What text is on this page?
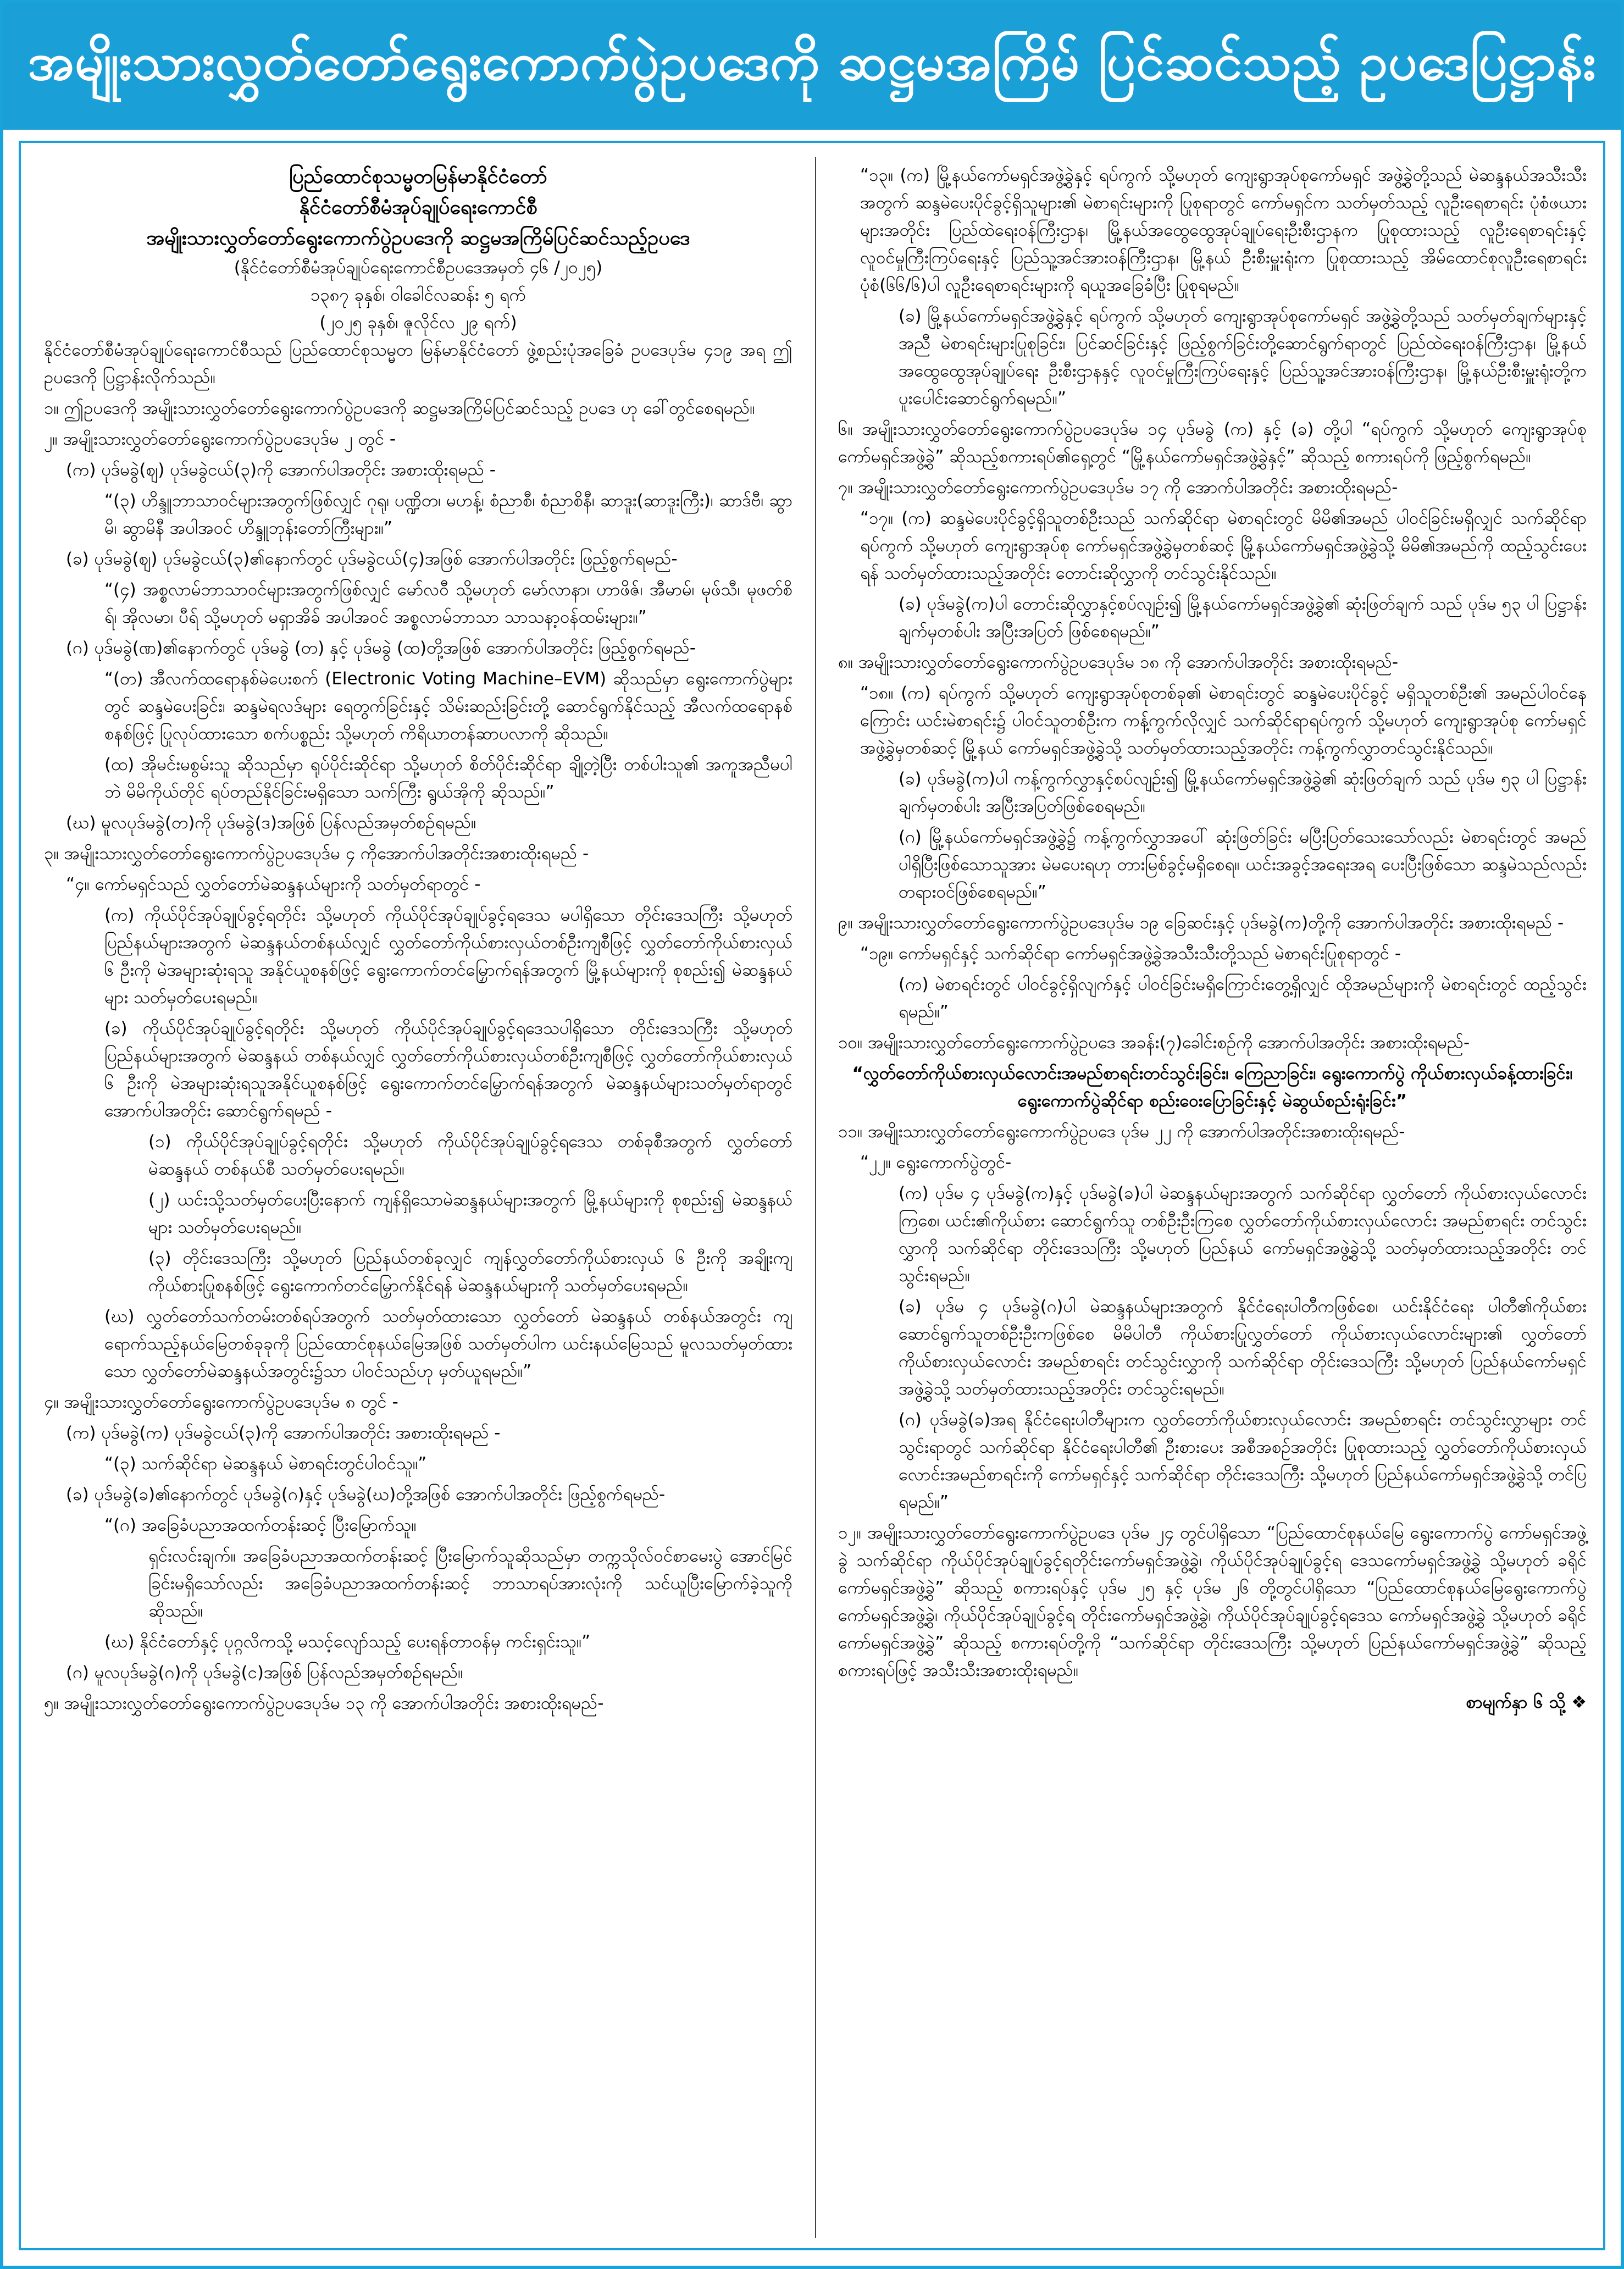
အမျိုးသားလွှတ်တော်ရွေးကောက်ပွဲဥပဒေကို ဆဋ္ဌမအကြိမ် ပြင်ဆင်သည့် ဥပဒေပြဋ္ဌာန်း
ပြည်ထောင်စုသမ္မတမြန်မာနိုင်ငံတော်
နိုင်ငံတော်စီမံအုပ်ချုပ်ရေးကောင်စီ
အမျိုးသားလွှတ်တော်ရွေးကောက်ပွဲဥပဒေကို ဆဋ္ဌမအကြိမ်ပြင်ဆင်သည့်ဥပဒေ
(နိုင်ငံတော်စီမံအုပ်ချုပ်ရေးကောင်စီဥပဒေအမှတ် ၄၆ /၂၀၂၅)
၁၃၈၇ ခုနှစ်၊ ဝါခေါင်လဆန်း ၅ ရက်
(၂၀၂၅ ခုနှစ်၊ ဇူလိုင်လ ၂၉ ရက်)

နိုင်ငံတော်စီမံအုပ်ချုပ်ရေးကောင်စီသည် ပြည်ထောင်စုသမ္မတ မြန်မာနိုင်ငံတော် ဖွဲ့စည်းပုံအခြေခံ ဥပဒေပုဒ်မ ၄၁၉ အရ ဤဥပဒေကို ပြဋ္ဌာန်းလိုက်သည်။

၁။ ဤဥပဒေကို အမျိုးသားလွှတ်တော်ရွေးကောက်ပွဲဥပဒေကို ဆဋ္ဌမအကြိမ်ပြင်ဆင်သည့် ဥပဒေ ဟု ခေါ်တွင်စေရမည်။

၂။ အမျိုးသားလွှတ်တော်ရွေးကောက်ပွဲဥပဒေပုဒ်မ ၂ တွင် -

(က) ပုဒ်မခွဲ(ဈ) ပုဒ်မခွဲငယ်(၃)ကို အောက်ပါအတိုင်း အစားထိုးရမည် -

“(၃) ဟိန္ဒူဘာသာဝင်များအတွက်ဖြစ်လျှင် ဂုရု၊ ပဏ္ဍိတ၊ မဟန့်၊ စံညာစီ၊ စံညာစိနီ၊ ဆာဒူး(ဆာဒူးကြီး)၊ ဆာဒ်ဗီ၊ ဆွာမိ၊ ဆွာမိနီ အပါအဝင် ဟိန္ဒူဘုန်းတော်ကြီးများ။”

(ခ) ပုဒ်မခွဲ(ဈ) ပုဒ်မခွဲငယ်(၃)၏နောက်တွင် ပုဒ်မခွဲငယ်(၄)အဖြစ် အောက်ပါအတိုင်း ဖြည့်စွက်ရမည်-

“(၄) အစ္စလာမ်ဘာသာဝင်များအတွက်ဖြစ်လျှင် မော်လဝီ သို့မဟုတ် မော်လာနာ၊ ဟာဖိဇ်၊ အီမာမ်၊ မုဖ်သီ၊ မုဖတ်စိရ်၊ အိုလမာ၊ ပီရ် သို့မဟုတ် မရှာအိခ် အပါအဝင် အစ္စလာမ်ဘာသာ သာသနာ့ဝန်ထမ်းများ။”

(ဂ) ပုဒ်မခွဲ(ဏ)၏နောက်တွင် ပုဒ်မခွဲ (တ) နှင့် ပုဒ်မခွဲ (ထ)တို့အဖြစ် အောက်ပါအတိုင်း ဖြည့်စွက်ရမည်-

“(တ) အီလက်ထရောနစ်မဲပေးစက် (Electronic Voting Machine–EVM) ဆိုသည်မှာ ရွေးကောက်ပွဲများတွင် ဆန္ဒမဲပေးခြင်း၊ ဆန္ဒမဲရလဒ်များ ရေတွက်ခြင်းနှင့် သိမ်းဆည်းခြင်းတို့ ဆောင်ရွက်နိုင်သည့် အီလက်ထရောနစ်စနစ်ဖြင့် ပြုလုပ်ထားသော စက်ပစ္စည်း သို့မဟုတ် ကိရိယာတန်ဆာပလာကို ဆိုသည်။

(ထ) အိုမင်းမစွမ်းသူ ဆိုသည်မှာ ရုပ်ပိုင်းဆိုင်ရာ သို့မဟုတ် စိတ်ပိုင်းဆိုင်ရာ ချို့တဲ့ပြီး တစ်ပါးသူ၏ အကူအညီမပါဘဲ မိမိကိုယ်တိုင် ရပ်တည်နိုင်ခြင်းမရှိသော သက်ကြီး ရွယ်အိုကို ဆိုသည်။”

(ဃ) မူလပုဒ်မခွဲ(တ)ကို ပုဒ်မခွဲ(ဒ)အဖြစ် ပြန်လည်အမှတ်စဉ်ရမည်။

၃။ အမျိုးသားလွှတ်တော်ရွေးကောက်ပွဲဥပဒေပုဒ်မ ၄ ကိုအောက်ပါအတိုင်းအစားထိုးရမည် -

“၄။ ကော်မရှင်သည် လွှတ်တော်မဲဆန္ဒနယ်များကို သတ်မှတ်ရာတွင် -

(က) ကိုယ်ပိုင်အုပ်ချုပ်ခွင့်ရတိုင်း သို့မဟုတ် ကိုယ်ပိုင်အုပ်ချုပ်ခွင့်ရဒေသ မပါရှိသော တိုင်းဒေသကြီး သို့မဟုတ် ပြည်နယ်များအတွက် မဲဆန္ဒနယ်တစ်နယ်လျှင် လွှတ်တော်ကိုယ်စားလှယ်တစ်ဦးကျစီဖြင့် လွှတ်တော်ကိုယ်စားလှယ် ၆ ဦးကို မဲအများဆုံးရသူ အနိုင်ယူစနစ်ဖြင့် ရွေးကောက်တင်မြှောက်ရန်အတွက် မြို့နယ်များကို စုစည်း၍ မဲဆန္ဒနယ်များ သတ်မှတ်ပေးရမည်။

(ခ) ကိုယ်ပိုင်အုပ်ချုပ်ခွင့်ရတိုင်း သို့မဟုတ် ကိုယ်ပိုင်အုပ်ချုပ်ခွင့်ရဒေသပါရှိသော တိုင်းဒေသကြီး သို့မဟုတ် ပြည်နယ်များအတွက် မဲဆန္ဒနယ် တစ်နယ်လျှင် လွှတ်တော်ကိုယ်စားလှယ်တစ်ဦးကျစီဖြင့် လွှတ်တော်ကိုယ်စားလှယ် ၆ ဦးကို မဲအများဆုံးရသူအနိုင်ယူစနစ်ဖြင့် ရွေးကောက်တင်မြှောက်ရန်အတွက် မဲဆန္ဒနယ်များသတ်မှတ်ရာတွင် အောက်ပါအတိုင်း ဆောင်ရွက်ရမည် -

(၁) ကိုယ်ပိုင်အုပ်ချုပ်ခွင့်ရတိုင်း သို့မဟုတ် ကိုယ်ပိုင်အုပ်ချုပ်ခွင့်ရဒေသ တစ်ခုစီအတွက် လွှတ်တော်မဲဆန္ဒနယ် တစ်နယ်စီ သတ်မှတ်ပေးရမည်။

(၂) ယင်းသို့သတ်မှတ်ပေးပြီးနောက် ကျန်ရှိသောမဲဆန္ဒနယ်များအတွက် မြို့နယ်များကို စုစည်း၍ မဲဆန္ဒနယ်များ သတ်မှတ်ပေးရမည်။

(၃) တိုင်းဒေသကြီး သို့မဟုတ် ပြည်နယ်တစ်ခုလျှင် ကျန်လွှတ်တော်ကိုယ်စားလှယ် ၆ ဦးကို အချိုးကျကိုယ်စားပြုစနစ်ဖြင့် ရွေးကောက်တင်မြှောက်နိုင်ရန် မဲဆန္ဒနယ်များကို သတ်မှတ်ပေးရမည်။

(ဃ) လွှတ်တော်သက်တမ်းတစ်ရပ်အတွက် သတ်မှတ်ထားသော လွှတ်တော် မဲဆန္ဒနယ် တစ်နယ်အတွင်း ကျရောက်သည့်နယ်မြေတစ်ခုခုကို ပြည်ထောင်စုနယ်မြေအဖြစ် သတ်မှတ်ပါက ယင်းနယ်မြေသည် မူလသတ်မှတ်ထားသော လွှတ်တော်မဲဆန္ဒနယ်အတွင်း၌သာ ပါဝင်သည်ဟု မှတ်ယူရမည်။”

၄။ အမျိုးသားလွှတ်တော်ရွေးကောက်ပွဲဥပဒေပုဒ်မ ၈ တွင် -

(က) ပုဒ်မခွဲ(က) ပုဒ်မခွဲငယ်(၃)ကို အောက်ပါအတိုင်း အစားထိုးရမည် -

“(၃) သက်ဆိုင်ရာ မဲဆန္ဒနယ် မဲစာရင်းတွင်ပါဝင်သူ။”

(ခ) ပုဒ်မခွဲ(ခ)၏နောက်တွင် ပုဒ်မခွဲ(ဂ)နှင့် ပုဒ်မခွဲ(ဃ)တို့အဖြစ် အောက်ပါအတိုင်း ဖြည့်စွက်ရမည်-

“(ဂ) အခြေခံပညာအထက်တန်းဆင့် ပြီးမြောက်သူ။

ရှင်းလင်းချက်။ အခြေခံပညာအထက်တန်းဆင့် ပြီးမြောက်သူဆိုသည်မှာ တက္ကသိုလ်ဝင်စာမေးပွဲ အောင်မြင်ခြင်းမရှိသော်လည်း အခြေခံပညာအထက်တန်းဆင့် ဘာသာရပ်အားလုံးကို သင်ယူပြီးမြောက်ခဲ့သူကို ဆိုသည်။

(ဃ) နိုင်ငံတော်နှင့် ပုဂ္ဂလိကသို့ မသင့်လျော်သည့် ပေးရန်တာဝန်မှ ကင်းရှင်းသူ။”

(ဂ) မူလပုဒ်မခွဲ(ဂ)ကို ပုဒ်မခွဲ(င)အဖြစ် ပြန်လည်အမှတ်စဉ်ရမည်။

၅။ အမျိုးသားလွှတ်တော်ရွေးကောက်ပွဲဥပဒေပုဒ်မ ၁၃ ကို အောက်ပါအတိုင်း အစားထိုးရမည်-

“၁၃။ (က) မြို့နယ်ကော်မရှင်အဖွဲ့ခွဲနှင့် ရပ်ကွက် သို့မဟုတ် ကျေးရွာအုပ်စုကော်မရှင် အဖွဲ့ခွဲတို့သည် မဲဆန္ဒနယ်အသီးသီးအတွက် ဆန္ဒမဲပေးပိုင်ခွင့်ရှိသူများ၏ မဲစာရင်းများကို ပြုစုရာတွင် ကော်မရှင်က သတ်မှတ်သည့် လူဦးရေစာရင်း ပုံစံဖယားများအတိုင်း ပြည်ထဲရေးဝန်ကြီးဌာန၊ မြို့နယ်အထွေထွေအုပ်ချုပ်ရေးဦးစီးဌာနက ပြုစုထားသည့် လူဦးရေစာရင်းနှင့် လူဝင်မှုကြီးကြပ်ရေးနှင့် ပြည်သူ့အင်အားဝန်ကြီးဌာန၊ မြို့နယ် ဦးစီးမှူးရုံးက ပြုစုထားသည့် အိမ်ထောင်စုလူဦးရေစာရင်းပုံစံ(၆၆/၆)ပါ လူဦးရေစာရင်းများကို ရယူအခြေခံပြီး ပြုစုရမည်။

(ခ) မြို့နယ်ကော်မရှင်အဖွဲ့ခွဲနှင့် ရပ်ကွက် သို့မဟုတ် ကျေးရွာအုပ်စုကော်မရှင် အဖွဲ့ခွဲတို့သည် သတ်မှတ်ချက်များနှင့်အညီ မဲစာရင်းများပြုစုခြင်း၊ ပြင်ဆင်ခြင်းနှင့် ဖြည့်စွက်ခြင်းတို့ဆောင်ရွက်ရာတွင် ပြည်ထဲရေးဝန်ကြီးဌာန၊ မြို့နယ်အထွေထွေအုပ်ချုပ်ရေး ဦးစီးဌာနနှင့် လူဝင်မှုကြီးကြပ်ရေးနှင့် ပြည်သူ့အင်အားဝန်ကြီးဌာန၊ မြို့နယ်ဦးစီးမှူးရုံးတို့က ပူးပေါင်းဆောင်ရွက်ရမည်။”

၆။ အမျိုးသားလွှတ်တော်ရွေးကောက်ပွဲဥပဒေပုဒ်မ ၁၄ ပုဒ်မခွဲ (က) နှင့် (ခ) တို့ပါ “ရပ်ကွက် သို့မဟုတ် ကျေးရွာအုပ်စုကော်မရှင်အဖွဲ့ခွဲ” ဆိုသည့်စကားရပ်၏ရှေ့တွင် “မြို့နယ်ကော်မရှင်အဖွဲ့ခွဲနှင့်” ဆိုသည့် စကားရပ်ကို ဖြည့်စွက်ရမည်။

၇။ အမျိုးသားလွှတ်တော်ရွေးကောက်ပွဲဥပဒေပုဒ်မ ၁၇ ကို အောက်ပါအတိုင်း အစားထိုးရမည်-

“၁၇။ (က) ဆန္ဒမဲပေးပိုင်ခွင့်ရှိသူတစ်ဦးသည် သက်ဆိုင်ရာ မဲစာရင်းတွင် မိမိ၏အမည် ပါဝင်ခြင်းမရှိလျှင် သက်ဆိုင်ရာရပ်ကွက် သို့မဟုတ် ကျေးရွာအုပ်စု ကော်မရှင်အဖွဲ့ခွဲမှတစ်ဆင့် မြို့နယ်ကော်မရှင်အဖွဲ့ခွဲသို့ မိမိ၏အမည်ကို ထည့်သွင်းပေးရန် သတ်မှတ်ထားသည့်အတိုင်း တောင်းဆိုလွှာကို တင်သွင်းနိုင်သည်။

(ခ) ပုဒ်မခွဲ(က)ပါ တောင်းဆိုလွှာနှင့်စပ်လျဉ်း၍ မြို့နယ်ကော်မရှင်အဖွဲ့ခွဲ၏ ဆုံးဖြတ်ချက် သည် ပုဒ်မ ၅၃ ပါ ပြဋ္ဌာန်းချက်မှတစ်ပါး အပြီးအပြတ် ဖြစ်စေရမည်။”

၈။ အမျိုးသားလွှတ်တော်ရွေးကောက်ပွဲဥပဒေပုဒ်မ ၁၈ ကို အောက်ပါအတိုင်း အစားထိုးရမည်-

“၁၈။ (က) ရပ်ကွက် သို့မဟုတ် ကျေးရွာအုပ်စုတစ်ခု၏ မဲစာရင်းတွင် ဆန္ဒမဲပေးပိုင်ခွင့် မရှိသူတစ်ဦး၏ အမည်ပါဝင်နေကြောင်း ယင်းမဲစာရင်း၌ ပါဝင်သူတစ်ဦးက ကန့်ကွက်လိုလျှင် သက်ဆိုင်ရာရပ်ကွက် သို့မဟုတ် ကျေးရွာအုပ်စု ကော်မရှင်အဖွဲ့ခွဲမှတစ်ဆင့် မြို့နယ် ကော်မရှင်အဖွဲ့ခွဲသို့ သတ်မှတ်ထားသည့်အတိုင်း ကန့်ကွက်လွှာတင်သွင်းနိုင်သည်။

(ခ) ပုဒ်မခွဲ(က)ပါ ကန့်ကွက်လွှာနှင့်စပ်လျဉ်း၍ မြို့နယ်ကော်မရှင်အဖွဲ့ခွဲ၏ ဆုံးဖြတ်ချက် သည် ပုဒ်မ ၅၃ ပါ ပြဋ္ဌာန်းချက်မှတစ်ပါး အပြီးအပြတ်ဖြစ်စေရမည်။

(ဂ) မြို့နယ်ကော်မရှင်အဖွဲ့ခွဲ၌ ကန့်ကွက်လွှာအပေါ် ဆုံးဖြတ်ခြင်း မပြီးပြတ်သေးသော်လည်း မဲစာရင်းတွင် အမည်ပါရှိပြီးဖြစ်သောသူအား မဲမပေးရဟု တားမြစ်ခွင့်မရှိစေရ။ ယင်းအခွင့်အရေးအရ ပေးပြီးဖြစ်သော ဆန္ဒမဲသည်လည်း တရားဝင်ဖြစ်စေရမည်။”

၉။ အမျိုးသားလွှတ်တော်ရွေးကောက်ပွဲဥပဒေပုဒ်မ ၁၉ ခြေဆင်းနှင့် ပုဒ်မခွဲ(က)တို့ကို အောက်ပါအတိုင်း အစားထိုးရမည် -

“၁၉။ ကော်မရှင်နှင့် သက်ဆိုင်ရာ ကော်မရှင်အဖွဲ့ခွဲအသီးသီးတို့သည် မဲစာရင်းပြုစုရာတွင် -

(က) မဲစာရင်းတွင် ပါဝင်ခွင့်ရှိလျက်နှင့် ပါဝင်ခြင်းမရှိကြောင်းတွေ့ရှိလျှင် ထိုအမည်များကို မဲစာရင်းတွင် ထည့်သွင်းရမည်။”

၁၀။ အမျိုးသားလွှတ်တော်ရွေးကောက်ပွဲဥပဒေ အခန်း(၇)ခေါင်းစဉ်ကို အောက်ပါအတိုင်း အစားထိုးရမည်-

“လွှတ်တော်ကိုယ်စားလှယ်လောင်းအမည်စာရင်းတင်သွင်းခြင်း၊ ကြေညာခြင်း၊ ရွေးကောက်ပွဲ ကိုယ်စားလှယ်ခန့်ထားခြင်း၊ ရွေးကောက်ပွဲဆိုင်ရာ စည်းဝေးပြောခြင်းနှင့် မဲဆွယ်စည်းရုံးခြင်း”

၁၁။ အမျိုးသားလွှတ်တော်ရွေးကောက်ပွဲဥပဒေ ပုဒ်မ ၂၂ ကို အောက်ပါအတိုင်းအစားထိုးရမည်-

“၂၂။ ရွေးကောက်ပွဲတွင်-

(က) ပုဒ်မ ၄ ပုဒ်မခွဲ(က)နှင့် ပုဒ်မခွဲ(ခ)ပါ မဲဆန္ဒနယ်များအတွက် သက်ဆိုင်ရာ လွှတ်တော် ကိုယ်စားလှယ်လောင်းကြစေ၊ ယင်း၏ကိုယ်စား ဆောင်ရွက်သူ တစ်ဦးဦးကြစေ လွှတ်တော်ကိုယ်စားလှယ်လောင်း အမည်စာရင်း တင်သွင်းလွှာကို သက်ဆိုင်ရာ တိုင်းဒေသကြီး သို့မဟုတ် ပြည်နယ် ကော်မရှင်အဖွဲ့ခွဲသို့ သတ်မှတ်ထားသည့်အတိုင်း တင်သွင်းရမည်။

(ခ) ပုဒ်မ ၄ ပုဒ်မခွဲ(ဂ)ပါ မဲဆန္ဒနယ်များအတွက် နိုင်ငံရေးပါတီကဖြစ်စေ၊ ယင်းနိုင်ငံရေး ပါတီ၏ကိုယ်စား ဆောင်ရွက်သူတစ်ဦးဦးကဖြစ်စေ မိမိပါတီ ကိုယ်စားပြုလွှတ်တော် ကိုယ်စားလှယ်လောင်းများ၏ လွှတ်တော်ကိုယ်စားလှယ်လောင်း အမည်စာရင်း တင်သွင်းလွှာကို သက်ဆိုင်ရာ တိုင်းဒေသကြီး သို့မဟုတ် ပြည်နယ်ကော်မရှင်အဖွဲ့ခွဲသို့ သတ်မှတ်ထားသည့်အတိုင်း တင်သွင်းရမည်။

(ဂ) ပုဒ်မခွဲ(ခ)အရ နိုင်ငံရေးပါတီများက လွှတ်တော်ကိုယ်စားလှယ်လောင်း အမည်စာရင်း တင်သွင်းလွှာများ တင်သွင်းရာတွင် သက်ဆိုင်ရာ နိုင်ငံရေးပါတီ၏ ဦးစားပေး အစီအစဉ်အတိုင်း ပြုစုထားသည့် လွှတ်တော်ကိုယ်စားလှယ်လောင်းအမည်စာရင်းကို ကော်မရှင်နှင့် သက်ဆိုင်ရာ တိုင်းဒေသကြီး သို့မဟုတ် ပြည်နယ်ကော်မရှင်အဖွဲ့ခွဲသို့ တင်ပြရမည်။”

၁၂။ အမျိုးသားလွှတ်တော်ရွေးကောက်ပွဲဥပဒေ ပုဒ်မ ၂၄ တွင်ပါရှိသော “ပြည်ထောင်စုနယ်မြေ ရွေးကောက်ပွဲ ကော်မရှင်အဖွဲ့ခွဲ သက်ဆိုင်ရာ ကိုယ်ပိုင်အုပ်ချုပ်ခွင့်ရတိုင်းကော်မရှင်အဖွဲ့ခွဲ၊ ကိုယ်ပိုင်အုပ်ချုပ်ခွင့်ရ ဒေသကော်မရှင်အဖွဲ့ခွဲ သို့မဟုတ် ခရိုင်ကော်မရှင်အဖွဲ့ခွဲ” ဆိုသည့် စကားရပ်နှင့် ပုဒ်မ ၂၅ နှင့် ပုဒ်မ ၂၆ တို့တွင်ပါရှိသော “ပြည်ထောင်စုနယ်မြေရွေးကောက်ပွဲ ကော်မရှင်အဖွဲ့ခွဲ၊ ကိုယ်ပိုင်အုပ်ချုပ်ခွင့်ရ တိုင်းကော်မရှင်အဖွဲ့ခွဲ၊ ကိုယ်ပိုင်အုပ်ချုပ်ခွင့်ရဒေသ ကော်မရှင်အဖွဲ့ခွဲ သို့မဟုတ် ခရိုင်ကော်မရှင်အဖွဲ့ခွဲ” ဆိုသည့် စကားရပ်တို့ကို “သက်ဆိုင်ရာ တိုင်းဒေသကြီး သို့မဟုတ် ပြည်နယ်ကော်မရှင်အဖွဲ့ခွဲ” ဆိုသည့် စကားရပ်ဖြင့် အသီးသီးအစားထိုးရမည်။

စာမျက်နှာ ၆ သို့ ❖
